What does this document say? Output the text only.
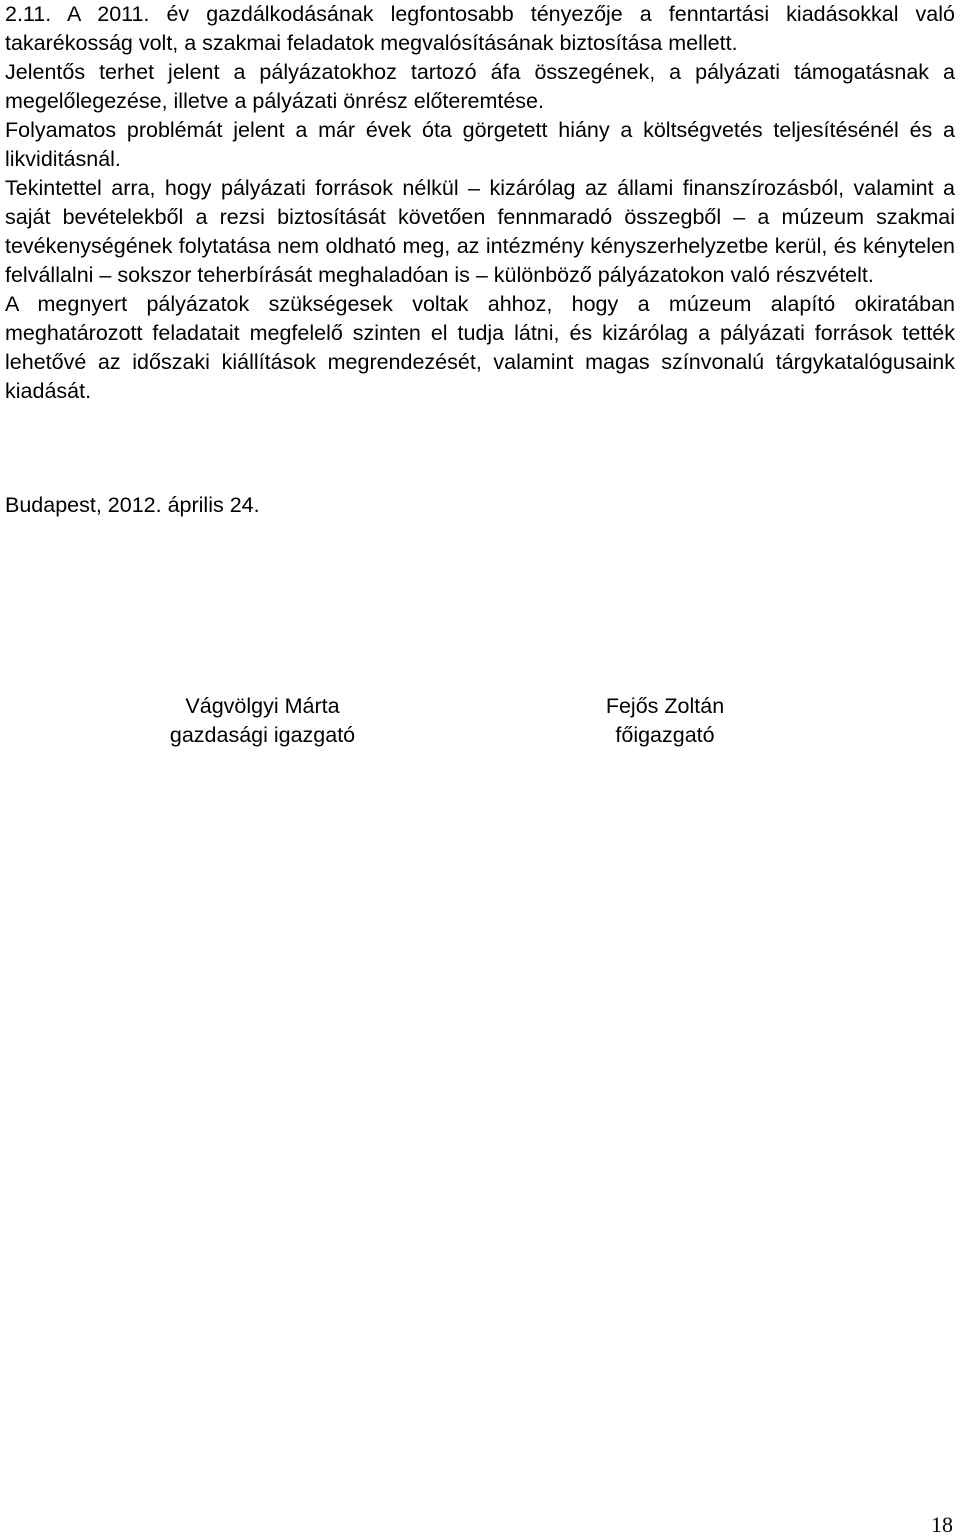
2.11. A 2011. év gazdálkodásának legfontosabb tényezője a fenntartási kiadásokkal való takarékosság volt, a szakmai feladatok megvalósításának biztosítása mellett.

Jelentős terhet jelent a pályázatokhoz tartozó áfa összegének, a pályázati támogatásnak a megelőlegezése, illetve a pályázati önrész előteremtése.

Folyamatos problémát jelent a már évek óta görgetett hiány a költségvetés teljesítésénél és a likviditásnál.

Tekintettel arra, hogy pályázati források nélkül – kizárólag az állami finanszírozásból, valamint a saját bevételekből a rezsi biztosítását követően fennmaradó összegből – a múzeum szakmai tevékenységének folytatása nem oldható meg, az intézmény kényszerhelyzetbe kerül, és kénytelen felvállalni – sokszor teherbírását meghaladóan is – különböző pályázatokon való részvételt.

A megnyert pályázatok szükségesek voltak ahhoz, hogy a múzeum alapító okiratában meghatározott feladatait megfelelő szinten el tudja látni, és kizárólag a pályázati források tették lehetővé az időszaki kiállítások megrendezését, valamint magas színvonalú tárgykatalógusaink kiadását.

Budapest, 2012. április 24.

Vágvölgyi Márta
gazdasági igazgató
Fejős Zoltán
főigazgató
18
